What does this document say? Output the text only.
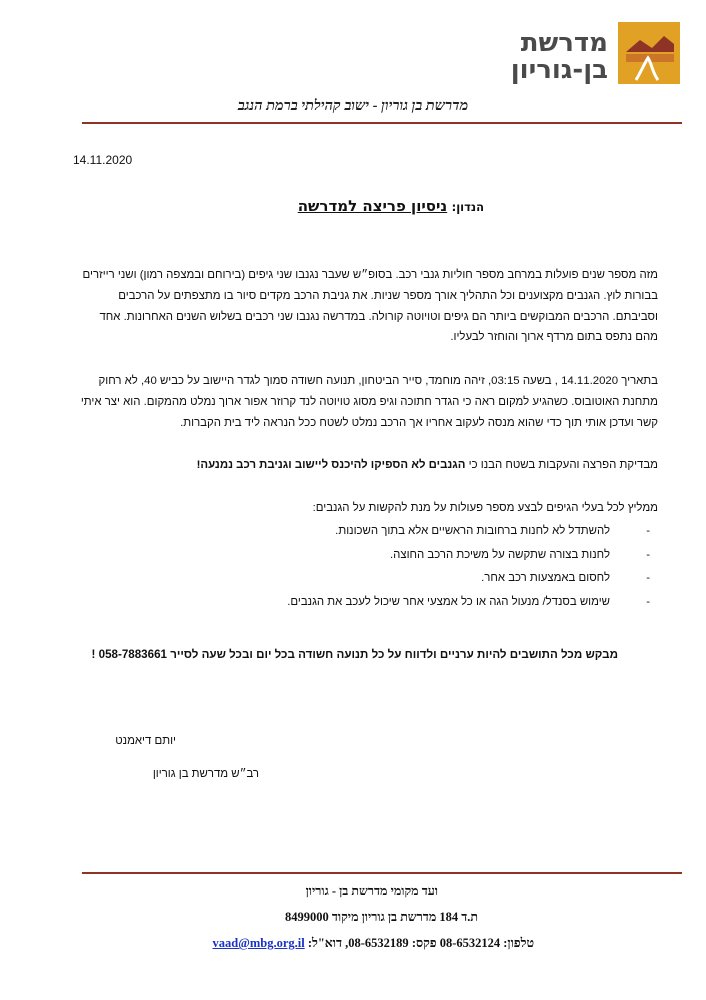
מדרשת
בן-גוריון
מדרשת בן גוריון - ישוב קהילתי ברמת הנגב
14.11.2020
הנדון: ניסיון פריצה למדרשה
מזה מספר שנים פועלות במרחב מספר חוליות גנבי רכב. בסופ״ש שעבר נגנבו שני גיפים (בירוחם ובמצפה רמון) ושני רייזרים בבורות לוץ. הגנבים מקצוענים וכל התהליך אורך מספר שניות. את גניבת הרכב מקדים סיור בו מתצפתים על הרכבים וסביבתם. הרכבים המבוקשים ביותר הם גיפים וטויוטה קורולה. במדרשה נגנבו שני רכבים בשלוש השנים האחרונות. אחד מהם נתפס בתום מרדף ארוך והוחזר לבעליו.
בתאריך 14.11.2020 , בשעה 03:15, זיהה מוחמד, סייר הביטחון, תנועה חשודה סמוך לגדר היישוב על כביש 40, לא רחוק מתחנת האוטובוס. כשהגיע למקום ראה כי הגדר חתוכה וגיפ מסוג טויוטה לנד קרוזר אפור ארוך נמלט מהמקום. הוא יצר איתי קשר ועדכן אותי תוך כדי שהוא מנסה לעקוב אחריו אך הרכב נמלט לשטח ככל הנראה ליד בית הקברות.
מבדיקת הפרצה והעקבות בשטח הבנו כי הגנבים לא הספיקו להיכנס ליישוב וגניבת רכב נמנעה!
ממליץ לכל בעלי הגיפים לבצע מספר פעולות על מנת להקשות על הגנבים:
-
להשתדל לא לחנות ברחובות הראשיים אלא בתוך השכונות.
-
לחנות בצורה שתקשה על משיכת הרכב החוצה.
-
לחסום באמצעות רכב אחר.
-
שימוש בסנדל/ מנעול הגה או כל אמצעי אחר שיכול לעכב את הגנבים.
מבקש מכל התושבים להיות ערניים ולדווח על כל תנועה חשודה בכל יום ובכל שעה לסייר 058-7883661 !
יותם דיאמנט
רב״ש מדרשת בן גוריון
ועד מקומי מדרשת בן - גוריון
ת.ד 184 מדרשת בן גוריון מיקוד 8499000
טלפון: 08-6532124 פקס: 08-6532189, דוא"ל: vaad@mbg.org.il
